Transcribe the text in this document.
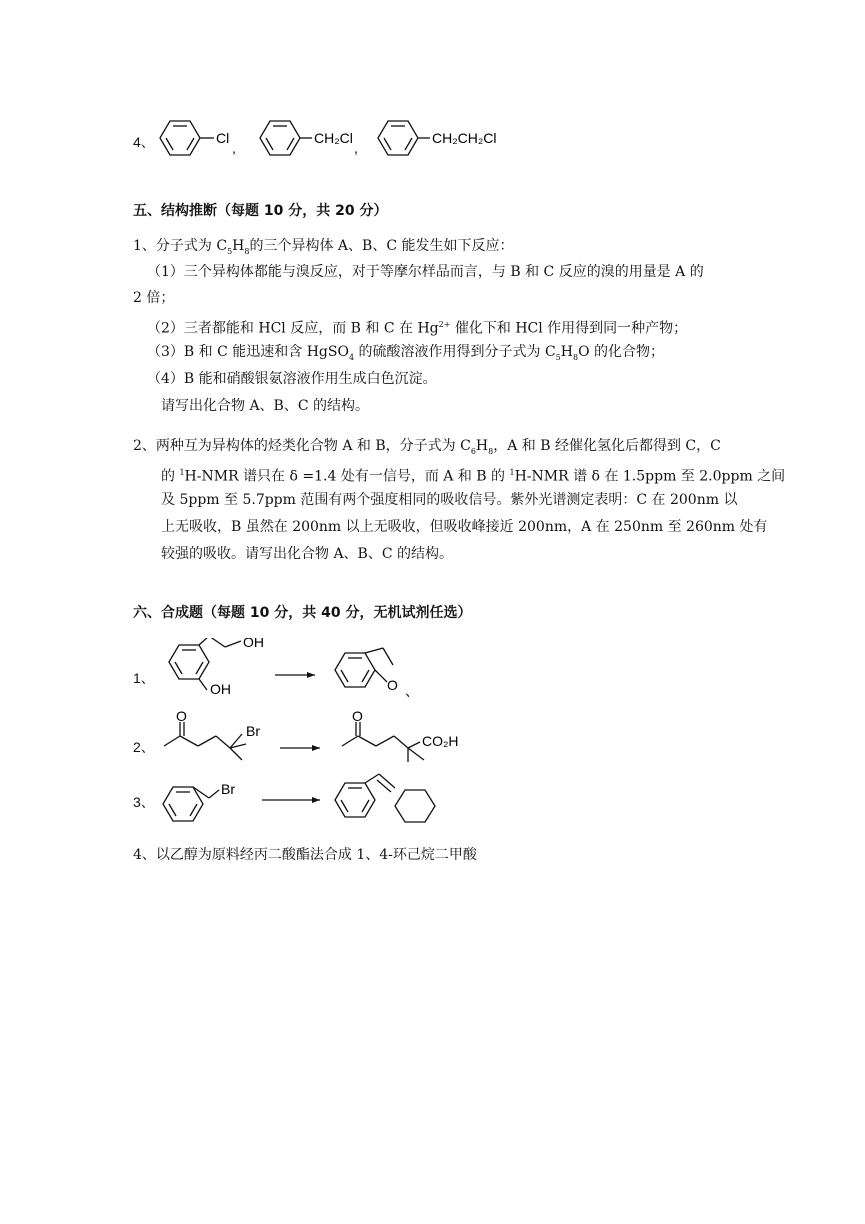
4、	Cl
,
CH₂Cl
,
CH₂CH₂Cl
五、结构推断（每题 10 分，共 20 分）
1、分子式为 $C_5H_8$的三个异构体 A、B、C 能发生如下反应：
（1）三个异构体都能与溴反应，对于等摩尔样品而言，与 B 和 C 反应的溴的用量是 A 的
2 倍；
（2）三者都能和 HCl 反应，而 B 和 C 在 $Hg^{2+}$ 催化下和 HCl 作用得到同一种产物；
（3）B 和 C 能迅速和含 HgSO$_4$ 的硫酸溶液作用得到分子式为 $C_5H_8O$ 的化合物；
（4）B 能和硝酸银氨溶液作用生成白色沉淀。
请写出化合物 A、B、C 的结构。
2、两种互为异构体的烃类化合物 A 和 B，分子式为 $C_6H_8$，A 和 B 经催化氢化后都得到 C，C
的 $^1$H-NMR 谱只在 δ =1.4 处有一信号，而 A 和 B 的 $^1$H-NMR 谱 δ 在 1.5ppm 至 2.0ppm 之间
及 5ppm 至 5.7ppm 范围有两个强度相同的吸收信号。紫外光谱测定表明：C 在 200nm 以
上无吸收，B 虽然在 200nm 以上无吸收，但吸收峰接近 200nm，A 在 250nm 至 260nm 处有
较强的吸收。请写出化合物 A、B、C 的结构。
六、合成题（每题 10 分，共 40 分，无机试剂任选）
1、
OH
OH	O 、
2、
O
Br
O
CO₂H
3、
Br
4、以乙醇为原料经丙二酸酯法合成 1、4-环己烷二甲酸
